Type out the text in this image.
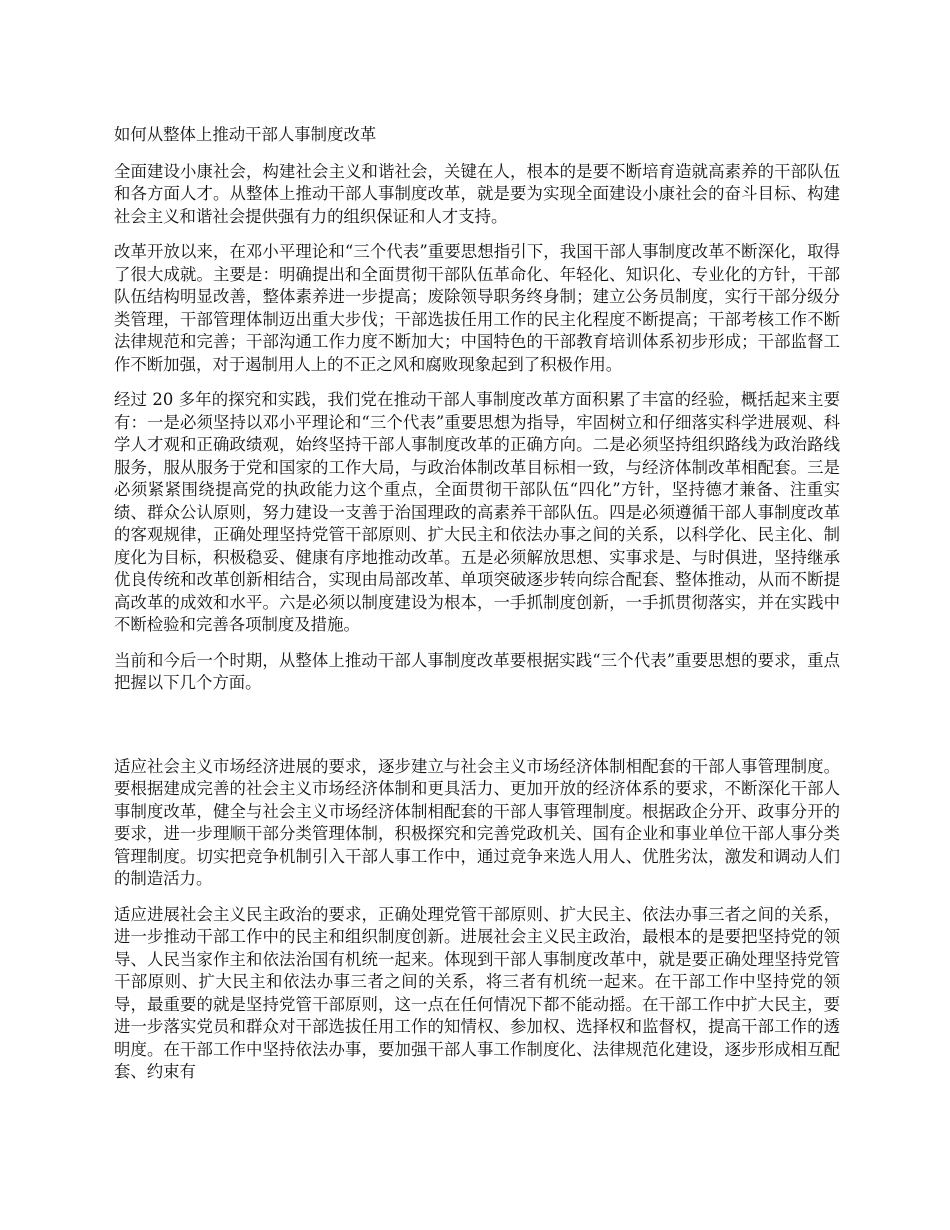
如何从整体上推动干部人事制度改革

全面建设小康社会，构建社会主义和谐社会，关键在人，根本的是要不断培育造就高素养的干部队伍和各方面人才。从整体上推动干部人事制度改革，就是要为实现全面建设小康社会的奋斗目标、构建社会主义和谐社会提供强有力的组织保证和人才支持。

改革开放以来，在邓小平理论和“三个代表”重要思想指引下，我国干部人事制度改革不断深化，取得了很大成就。主要是：明确提出和全面贯彻干部队伍革命化、年轻化、知识化、专业化的方针，干部队伍结构明显改善，整体素养进一步提高；废除领导职务终身制；建立公务员制度，实行干部分级分类管理，干部管理体制迈出重大步伐；干部选拔任用工作的民主化程度不断提高；干部考核工作不断法律规范和完善；干部沟通工作力度不断加大；中国特色的干部教育培训体系初步形成；干部监督工作不断加强，对于遏制用人上的不正之风和腐败现象起到了积极作用。

经过 20 多年的探究和实践，我们党在推动干部人事制度改革方面积累了丰富的经验，概括起来主要有：一是必须坚持以邓小平理论和“三个代表”重要思想为指导，牢固树立和仔细落实科学进展观、科学人才观和正确政绩观，始终坚持干部人事制度改革的正确方向。二是必须坚持组织路线为政治路线服务，服从服务于党和国家的工作大局，与政治体制改革目标相一致，与经济体制改革相配套。三是必须紧紧围绕提高党的执政能力这个重点，全面贯彻干部队伍“四化”方针，坚持德才兼备、注重实绩、群众公认原则，努力建设一支善于治国理政的高素养干部队伍。四是必须遵循干部人事制度改革的客观规律，正确处理坚持党管干部原则、扩大民主和依法办事之间的关系，以科学化、民主化、制度化为目标，积极稳妥、健康有序地推动改革。五是必须解放思想、实事求是、与时俱进，坚持继承优良传统和改革创新相结合，实现由局部改革、单项突破逐步转向综合配套、整体推动，从而不断提高改革的成效和水平。六是必须以制度建设为根本，一手抓制度创新，一手抓贯彻落实，并在实践中不断检验和完善各项制度及措施。

当前和今后一个时期，从整体上推动干部人事制度改革要根据实践“三个代表”重要思想的要求，重点把握以下几个方面。

适应社会主义市场经济进展的要求，逐步建立与社会主义市场经济体制相配套的干部人事管理制度。要根据建成完善的社会主义市场经济体制和更具活力、更加开放的经济体系的要求，不断深化干部人事制度改革，健全与社会主义市场经济体制相配套的干部人事管理制度。根据政企分开、政事分开的要求，进一步理顺干部分类管理体制，积极探究和完善党政机关、国有企业和事业单位干部人事分类管理制度。切实把竞争机制引入干部人事工作中，通过竞争来选人用人、优胜劣汰，激发和调动人们的制造活力。

适应进展社会主义民主政治的要求，正确处理党管干部原则、扩大民主、依法办事三者之间的关系，进一步推动干部工作中的民主和组织制度创新。进展社会主义民主政治，最根本的是要把坚持党的领导、人民当家作主和依法治国有机统一起来。体现到干部人事制度改革中，就是要正确处理坚持党管干部原则、扩大民主和依法办事三者之间的关系，将三者有机统一起来。在干部工作中坚持党的领导，最重要的就是坚持党管干部原则，这一点在任何情况下都不能动摇。在干部工作中扩大民主，要进一步落实党员和群众对干部选拔任用工作的知情权、参加权、选择权和监督权，提高干部工作的透明度。在干部工作中坚持依法办事，要加强干部人事工作制度化、法律规范化建设，逐步形成相互配套、约束有
